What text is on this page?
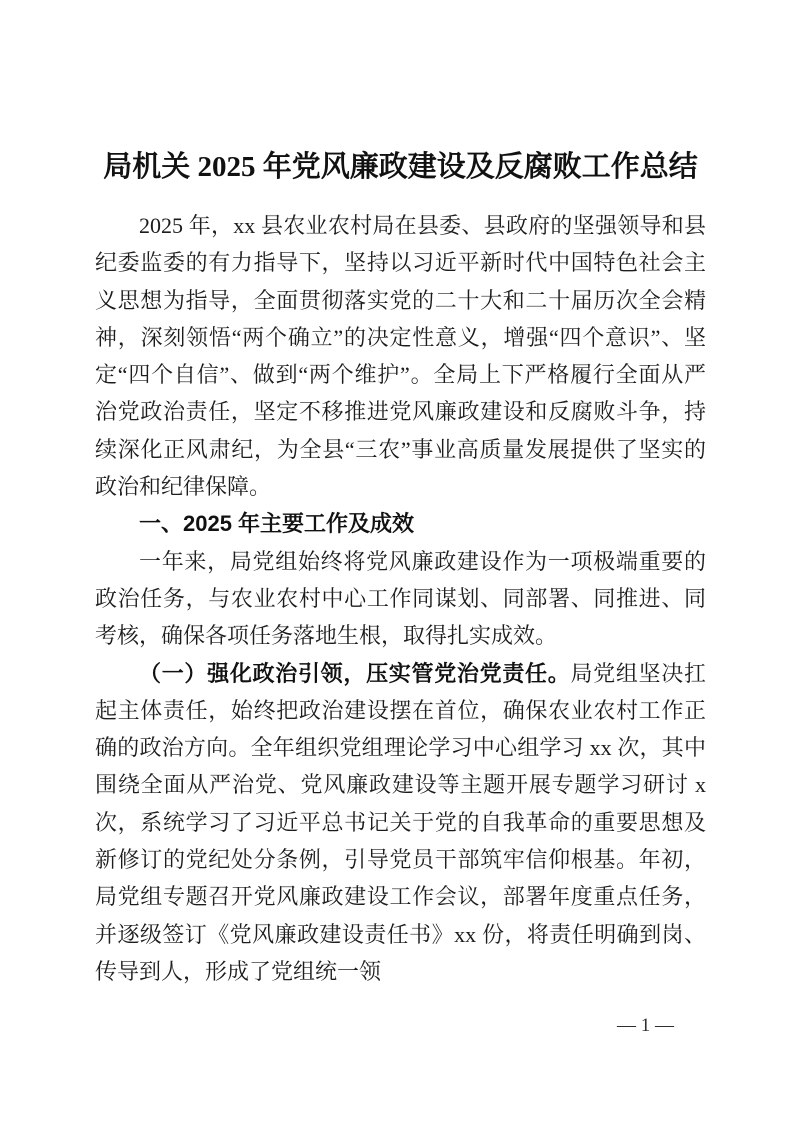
局机关 2025 年党风廉政建设及反腐败工作总结

2025 年，xx 县农业农村局在县委、县政府的坚强领导和县纪委监委的有力指导下，坚持以习近平新时代中国特色社会主义思想为指导，全面贯彻落实党的二十大和二十届历次全会精神，深刻领悟“两个确立”的决定性意义，增强“四个意识”、坚定“四个自信”、做到“两个维护”。全局上下严格履行全面从严治党政治责任，坚定不移推进党风廉政建设和反腐败斗争，持续深化正风肃纪，为全县“三农”事业高质量发展提供了坚实的政治和纪律保障。

一、2025 年主要工作及成效

一年来，局党组始终将党风廉政建设作为一项极端重要的政治任务，与农业农村中心工作同谋划、同部署、同推进、同考核，确保各项任务落地生根，取得扎实成效。

（一）强化政治引领，压实管党治党责任。局党组坚决扛起主体责任，始终把政治建设摆在首位，确保农业农村工作正确的政治方向。全年组织党组理论学习中心组学习 xx 次，其中围绕全面从严治党、党风廉政建设等主题开展专题学习研讨 x 次，系统学习了习近平总书记关于党的自我革命的重要思想及新修订的党纪处分条例，引导党员干部筑牢信仰根基。年初，局党组专题召开党风廉政建设工作会议，部署年度重点任务，并逐级签订《党风廉政建设责任书》xx 份，将责任明确到岗、传导到人，形成了党组统一领

— 1 —
